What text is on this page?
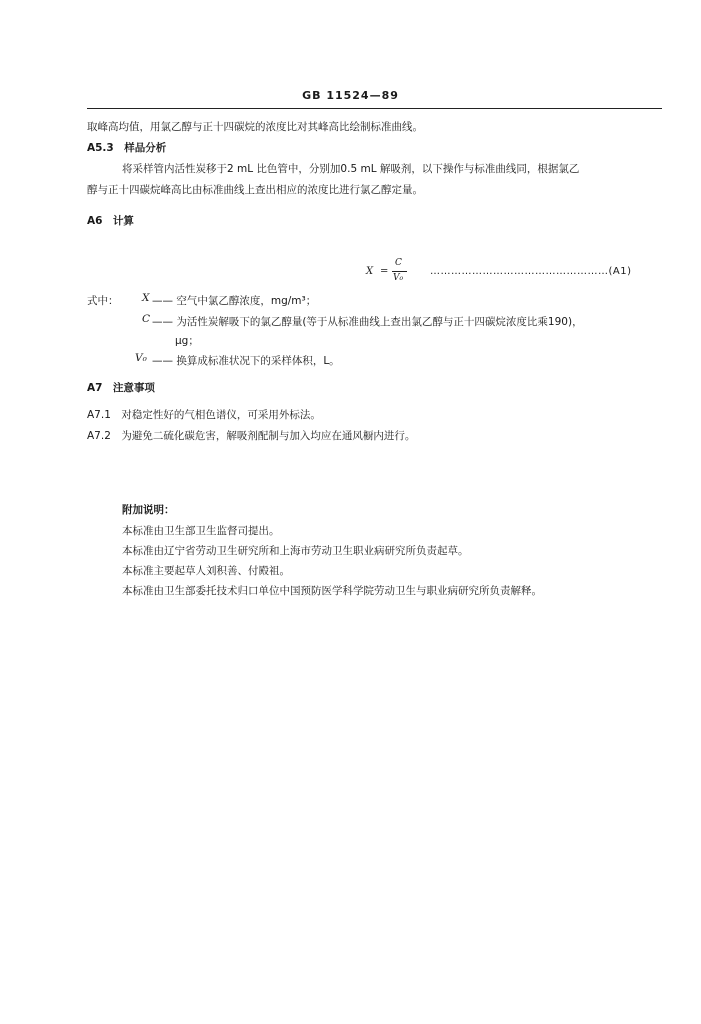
GB 11524—89
取峰高均值，用氯乙醇与正十四碳烷的浓度比对其峰高比绘制标准曲线。
A5.3　样品分析
将采样管内活性炭移于2 mL 比色管中，分别加0.5 mL 解吸剂，以下操作与标准曲线同，根据氯乙
醇与正十四碳烷峰高比由标准曲线上查出相应的浓度比进行氯乙醇定量。
A6　计算
X =
C
V₀
……………………………………………(A1)
式中： X —— 空气中氯乙醇浓度，mg/m³；
C —— 为活性炭解吸下的氯乙醇量(等于从标准曲线上查出氯乙醇与正十四碳烷浓度比乘190)，
μg；
V₀ —— 换算成标准状况下的采样体积，L。
A7　注意事项
A7.1　对稳定性好的气相色谱仪，可采用外标法。
A7.2　为避免二硫化碳危害，解吸剂配制与加入均应在通风橱内进行。
附加说明：
本标准由卫生部卫生监督司提出。
本标准由辽宁省劳动卫生研究所和上海市劳动卫生职业病研究所负责起草。
本标准主要起草人刘积善、付殿祖。
本标准由卫生部委托技术归口单位中国预防医学科学院劳动卫生与职业病研究所负责解释。
